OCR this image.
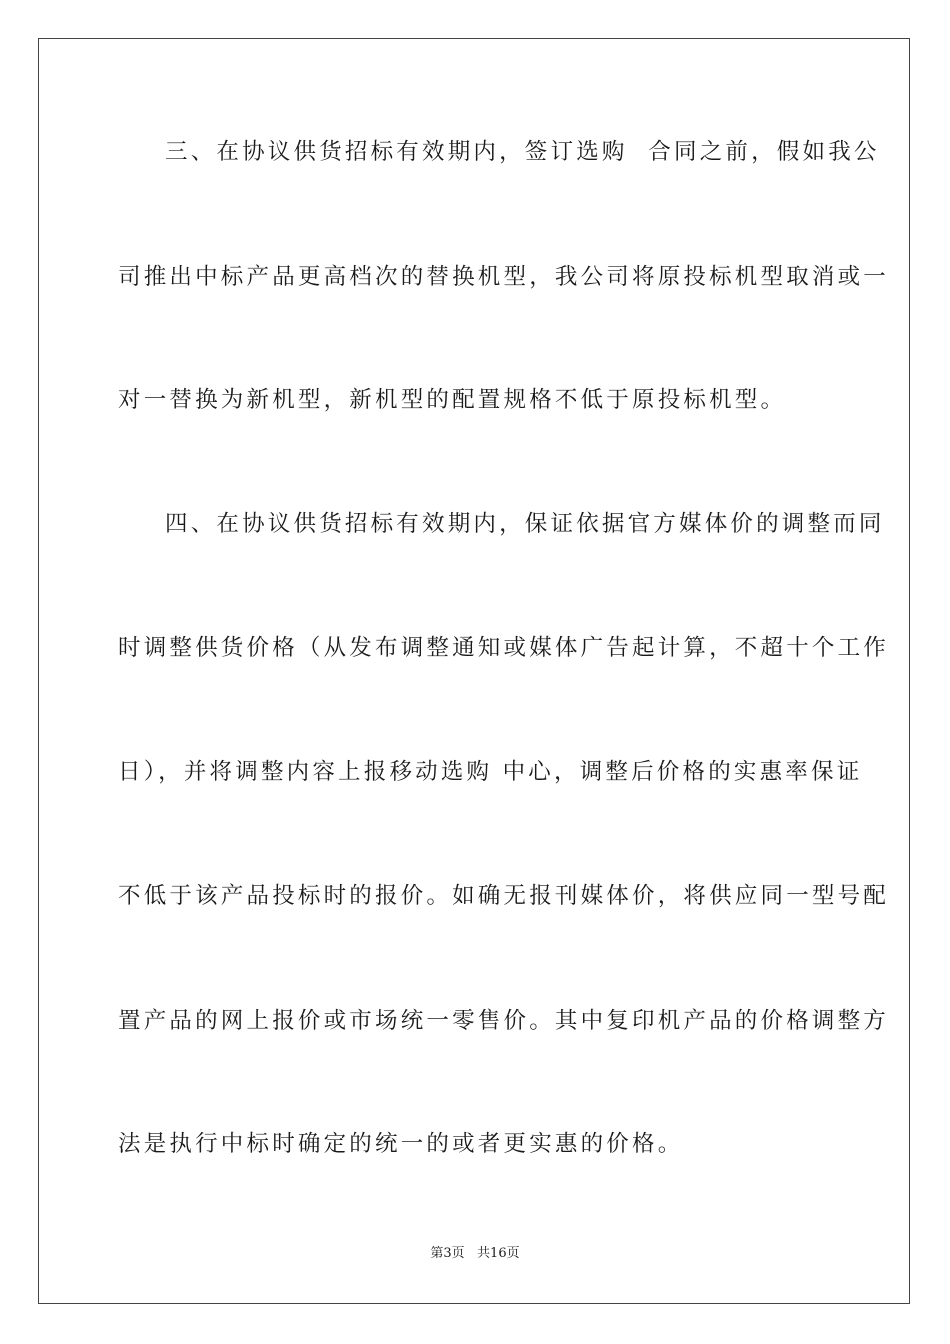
三、在协议供货招标有效期内，签订选购  合同之前，假如我公
司推出中标产品更高档次的替换机型，我公司将原投标机型取消或一
对一替换为新机型，新机型的配置规格不低于原投标机型。
四、在协议供货招标有效期内，保证依据官方媒体价的调整而同
时调整供货价格（从发布调整通知或媒体广告起计算，不超十个工作
日），并将调整内容上报移动选购 中心，调整后价格的实惠率保证
不低于该产品投标时的报价。如确无报刊媒体价，将供应同一型号配
置产品的网上报价或市场统一零售价。其中复印机产品的价格调整方
法是执行中标时确定的统一的或者更实惠的价格。
第3页   共16页
